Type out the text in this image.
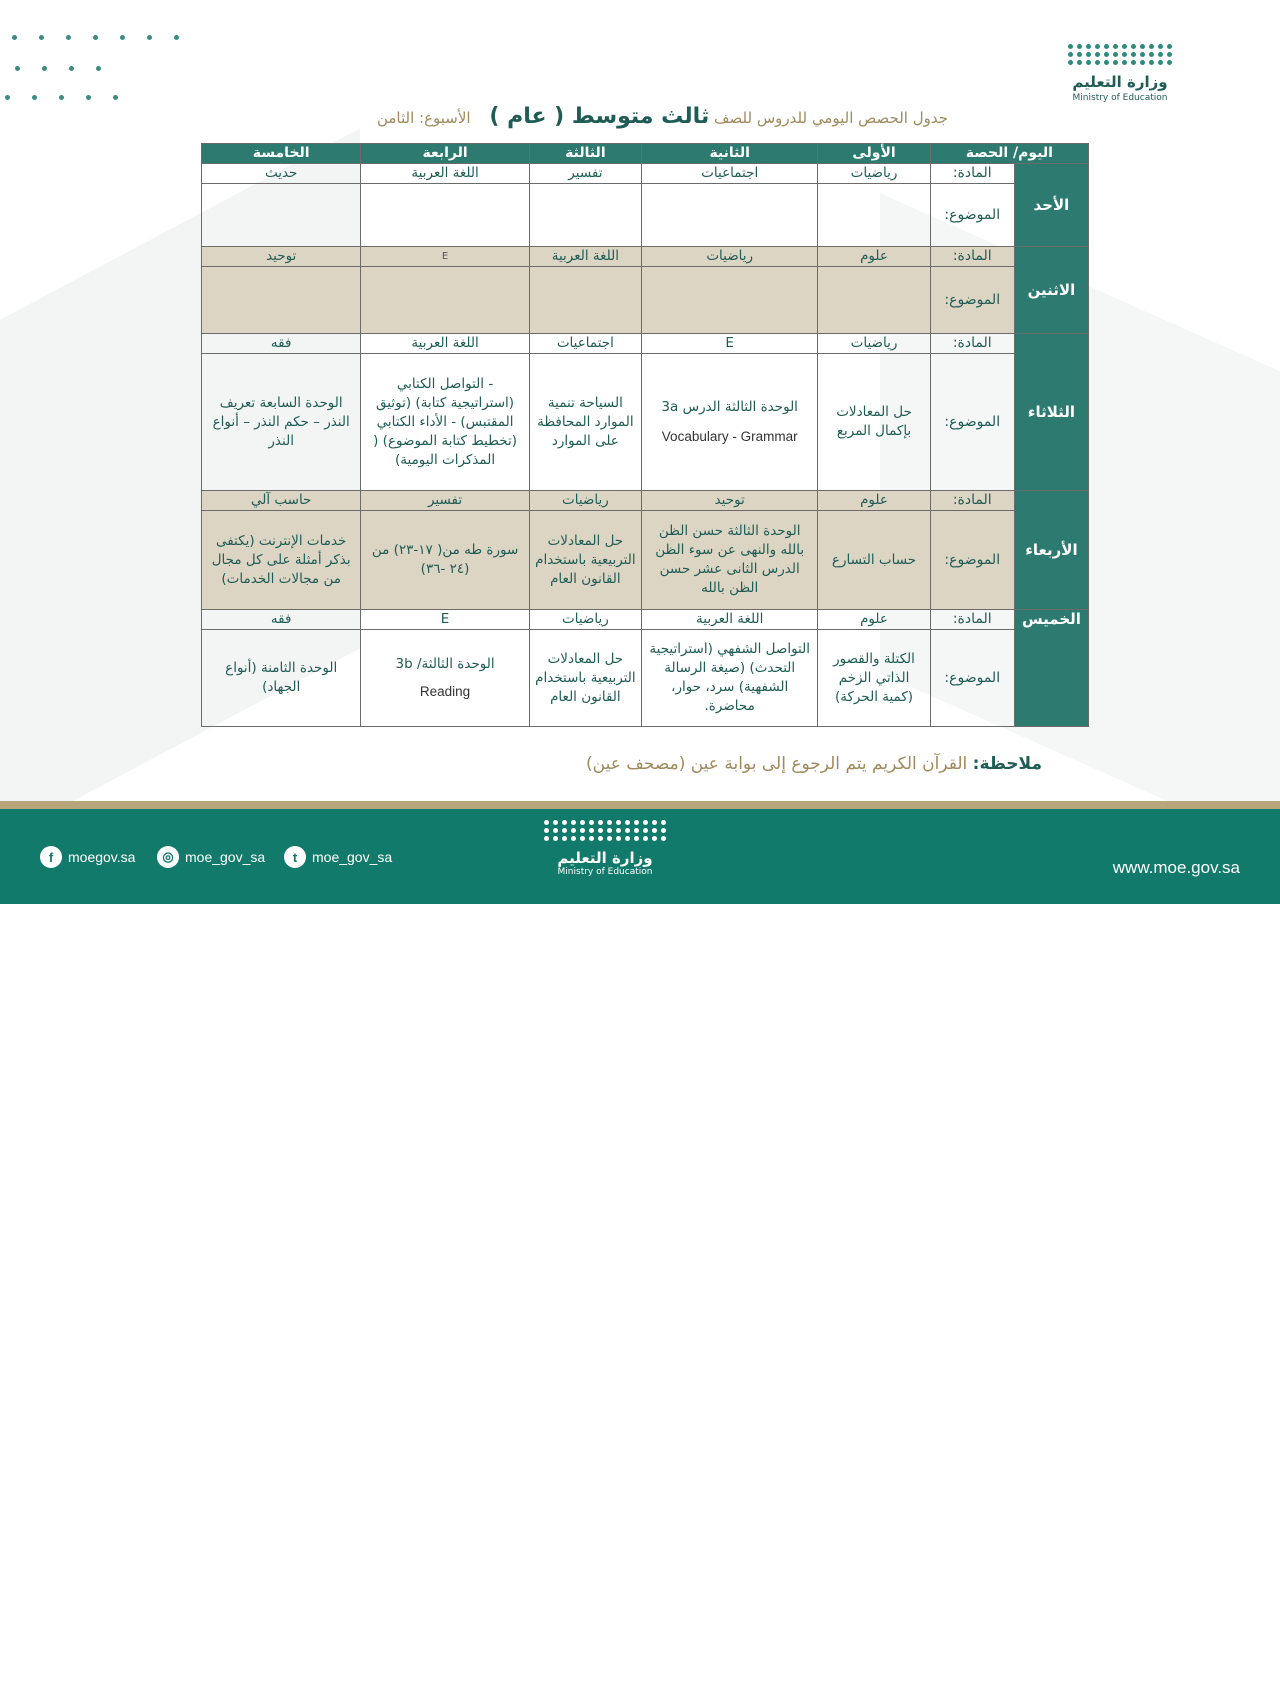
وزارة التعليم
Ministry of Education
جدول الحصص اليومي للدروس للصف ثالث متوسط ( عام ) الأسبوع: الثامن
اليوم/ الحصة		الأولى	الثانية	الثالثة	الرابعة	الخامسة
الأحد	المادة:	رياضيات	اجتماعيات	تفسير	اللغة العربية	حديث
	الموضوع:					
الاثنين	المادة:	علوم	رياضيات	اللغة العربية	E	توحيد
	الموضوع:					
الثلاثاء	المادة:	رياضيات	E	اجتماعيات	اللغة العربية	فقه
	الموضوع:	حل المعادلات بإكمال المربع	الوحدة الثالثة الدرس 3a
Vocabulary - Grammar	السياحة تنمية الموارد المحافظة على الموارد	- التواصل الكتابي (استراتيجية كتابة) (توثيق المقتبس) - الأداء الكتابي (تخطيط كتابة الموضوع) ( المذكرات اليومية)	الوحدة السابعة تعريف النذر – حكم النذر – أنواع النذر
الأربعاء	المادة:	علوم	توحيد	رياضيات	تفسير	حاسب آلي
	الموضوع:	حساب التسارع	الوحدة الثالثة حسن الظن بالله والنهى عن سوء الظن الدرس الثانى عشر حسن الظن بالله	حل المعادلات التربيعية باستخدام القانون العام	سورة طه من( ١٧-٢٣) من (٢٤ -٣٦)	خدمات الإنترنت (يكتفى بذكر أمثلة على كل مجال من مجالات الخدمات)
الخميس	المادة:	علوم	اللغة العربية	رياضيات	E	فقه
	الموضوع:	الكتلة والقصور الذاتي الزخم (كمية الحركة)	التواصل الشفهي (استراتيجية التحدث) (صيغة الرسالة الشفهية) سرد، حوار، محاضرة.	حل المعادلات التربيعية باستخدام القانون العام	الوحدة الثالثة/ 3b
Reading	الوحدة الثامنة (أنواع الجهاد)
ملاحظة: القرآن الكريم يتم الرجوع إلى بوابة عين (مصحف عين)
f	moegov.sa	◎ moe_gov_sa	t	moe_gov_sa	وزارة التعليم
Ministry of Education	www.moe.gov.sa
